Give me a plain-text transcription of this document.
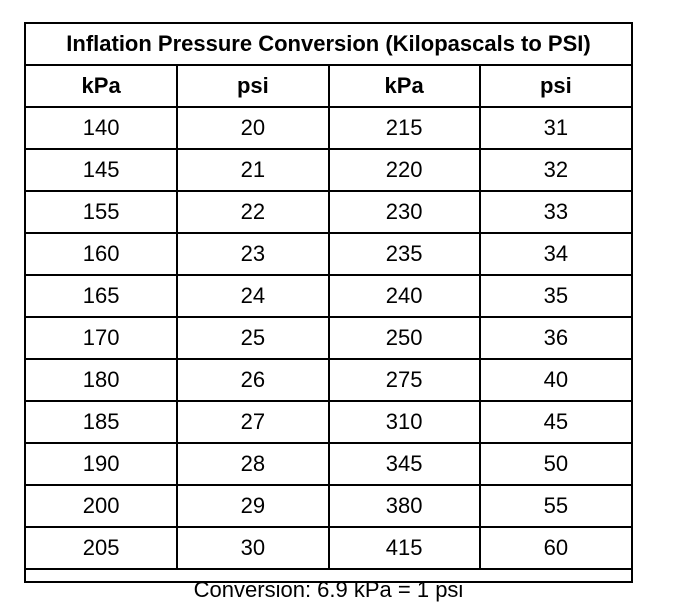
Inflation Pressure Conversion (Kilopascals to PSI)			
kPa	psi	kPa	psi
140	20	215	31
145	21	220	32
155	22	230	33
160	23	235	34
165	24	240	35
170	25	250	36
180	26	275	40
185	27	310	45
190	28	345	50
200	29	380	55
205	30	415	60
Conversion: 6.9 kPa = 1 psi			
